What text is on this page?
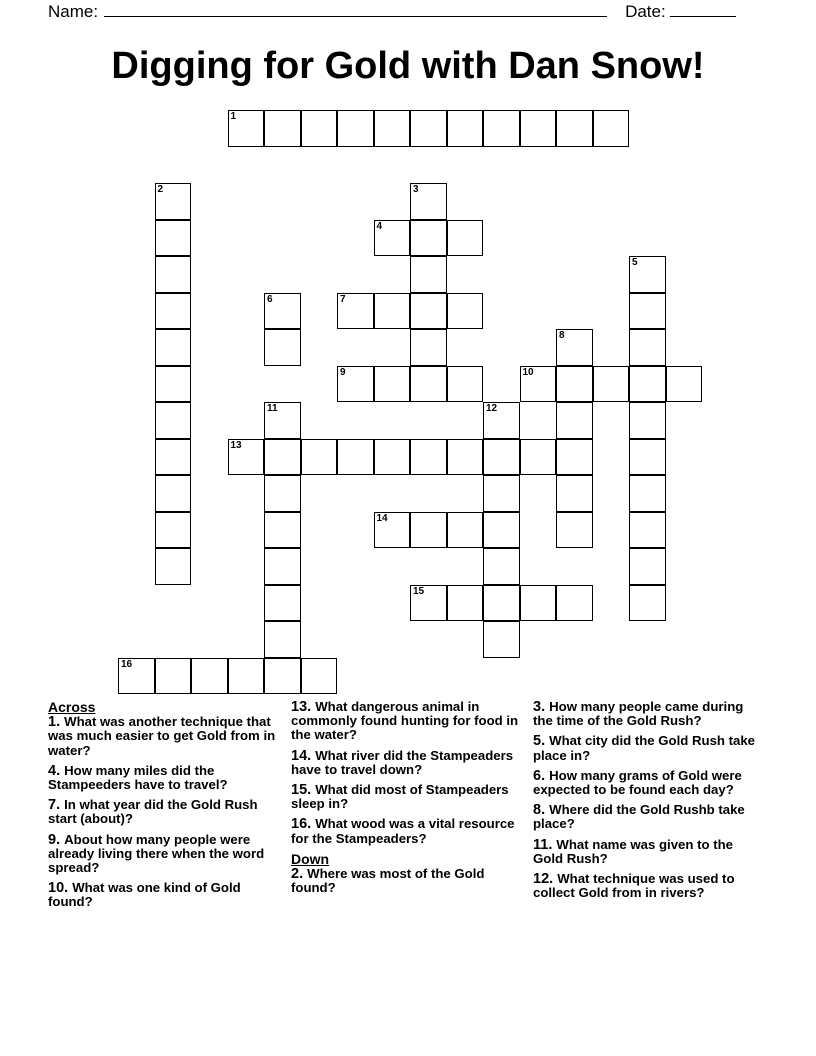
Name:	Date:
Digging for Gold with Dan Snow!
1
4
7
9	10
13
14
15
16
2	3
5
6
8
11	12
Across
1. What was another technique that was much easier to get Gold from in water?
4. How many miles did the Stampeeders have to travel?
7. In what year did the Gold Rush start (about)?
9. About how many people were already living there when the word spread?
10. What was one kind of Gold found?
13. What dangerous animal in commonly found hunting for food in the water?
14. What river did the Stampeaders have to travel down?
15. What did most of Stampeaders sleep in?
16. What wood was a vital resource for the Stampeaders?
Down
2. Where was most of the Gold found?
3. How many people came during the time of the Gold Rush?
5. What city did the Gold Rush take place in?
6. How many grams of Gold were expected to be found each day?
8. Where did the Gold Rushb take place?
11. What name was given to the Gold Rush?
12. What technique was used to collect Gold from in rivers?
